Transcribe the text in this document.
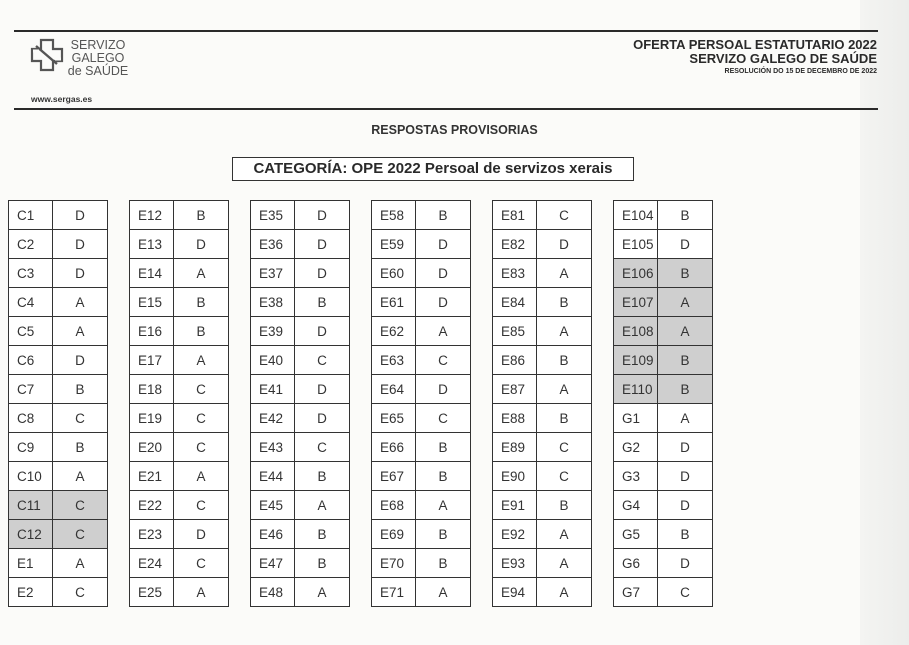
SERVIZO
GALEGO
de SAÚDE
www.sergas.es
OFERTA PERSOAL ESTATUTARIO 2022
SERVIZO GALEGO DE SAÚDE
RESOLUCIÓN DO 15 DE DECEMBRO DE 2022
RESPOSTAS PROVISORIAS
CATEGORÍA: OPE 2022 Persoal de servizos xerais
C1	D
C2	D
C3	D
C4	A
C5	A
C6	D
C7	B
C8	C
C9	B
C10	A
C11	C
C12	C
E1	A
E2	C
E12	B
E13	D
E14	A
E15	B
E16	B
E17	A
E18	C
E19	C
E20	C
E21	A
E22	C
E23	D
E24	C
E25	A
E35	D
E36	D
E37	D
E38	B
E39	D
E40	C
E41	D
E42	D
E43	C
E44	B
E45	A
E46	B
E47	B
E48	A
E58	B
E59	D
E60	D
E61	D
E62	A
E63	C
E64	D
E65	C
E66	B
E67	B
E68	A
E69	B
E70	B
E71	A
E81	C
E82	D
E83	A
E84	B
E85	A
E86	B
E87	A
E88	B
E89	C
E90	C
E91	B
E92	A
E93	A
E94	A
E104	B
E105	D
E106	B
E107	A
E108	A
E109	B
E110	B
G1	A
G2	D
G3	D
G4	D
G5	B
G6	D
G7	C
